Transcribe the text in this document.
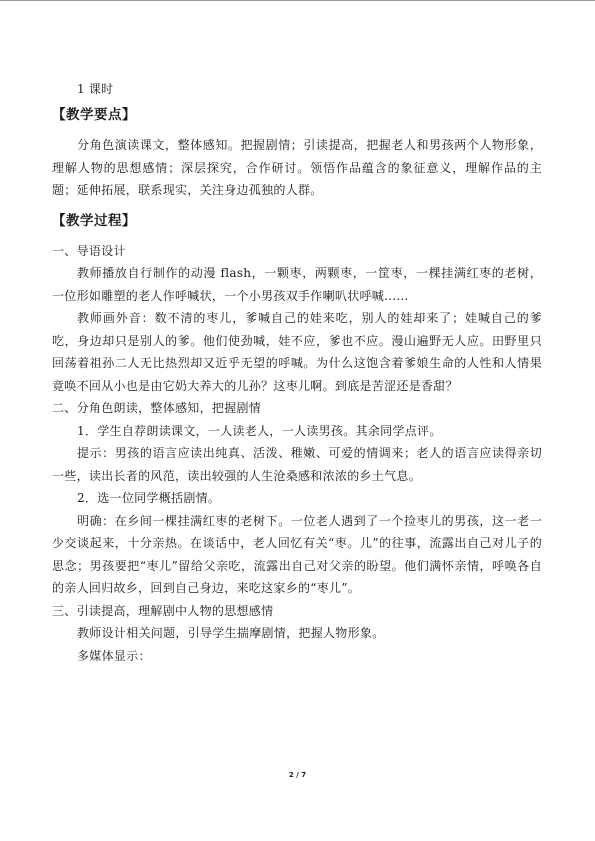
1 课时

【教学要点】

分角色演读课文，整体感知。把握剧情；引读提高，把握老人和男孩两个人物形象，理解人物的思想感情；深层探究，合作研讨。领悟作品蕴含的象征意义，理解作品的主题；延伸拓展，联系现实，关注身边孤独的人群。

【教学过程】

一、导语设计

教师播放自行制作的动漫 flash，一颗枣，两颗枣，一筐枣，一棵挂满红枣的老树，一位形如雕塑的老人作呼喊状，一个小男孩双手作喇叭状呼喊……

教师画外音：数不清的枣儿，爹喊自己的娃来吃，别人的娃却来了；娃喊自己的爹吃，身边却只是别人的爹。他们使劲喊，娃不应，爹也不应。漫山遍野无人应。田野里只回荡着祖孙二人无比热烈却又近乎无望的呼喊。为什么这饱含着爹娘生命的人性和人情果竟唤不回从小也是由它奶大养大的儿孙？这枣儿啊。到底是苦涩还是香甜？

二、分角色朗读，整体感知，把握剧情

1．学生自荐朗读课文，一人读老人，一人读男孩。其余同学点评。

提示：男孩的语言应读出纯真、活泼、稚嫩、可爱的情调来；老人的语言应读得亲切一些，读出长者的风范，读出较强的人生沧桑感和浓浓的乡土气息。

2．选一位同学概括剧情。

明确：在乡间一棵挂满红枣的老树下。一位老人遇到了一个捡枣儿的男孩，这一老一少交谈起来，十分亲热。在谈话中，老人回忆有关“枣。儿”的往事，流露出自己对儿子的思念；男孩要把“枣儿”留给父亲吃，流露出自己对父亲的盼望。他们满怀亲情，呼唤各自的亲人回归故乡，回到自己身边，来吃这家乡的“枣儿”。

三、引读提高，理解剧中人物的思想感情

教师设计相关问题，引导学生揣摩剧情，把握人物形象。

多媒体显示：

2 / 7
